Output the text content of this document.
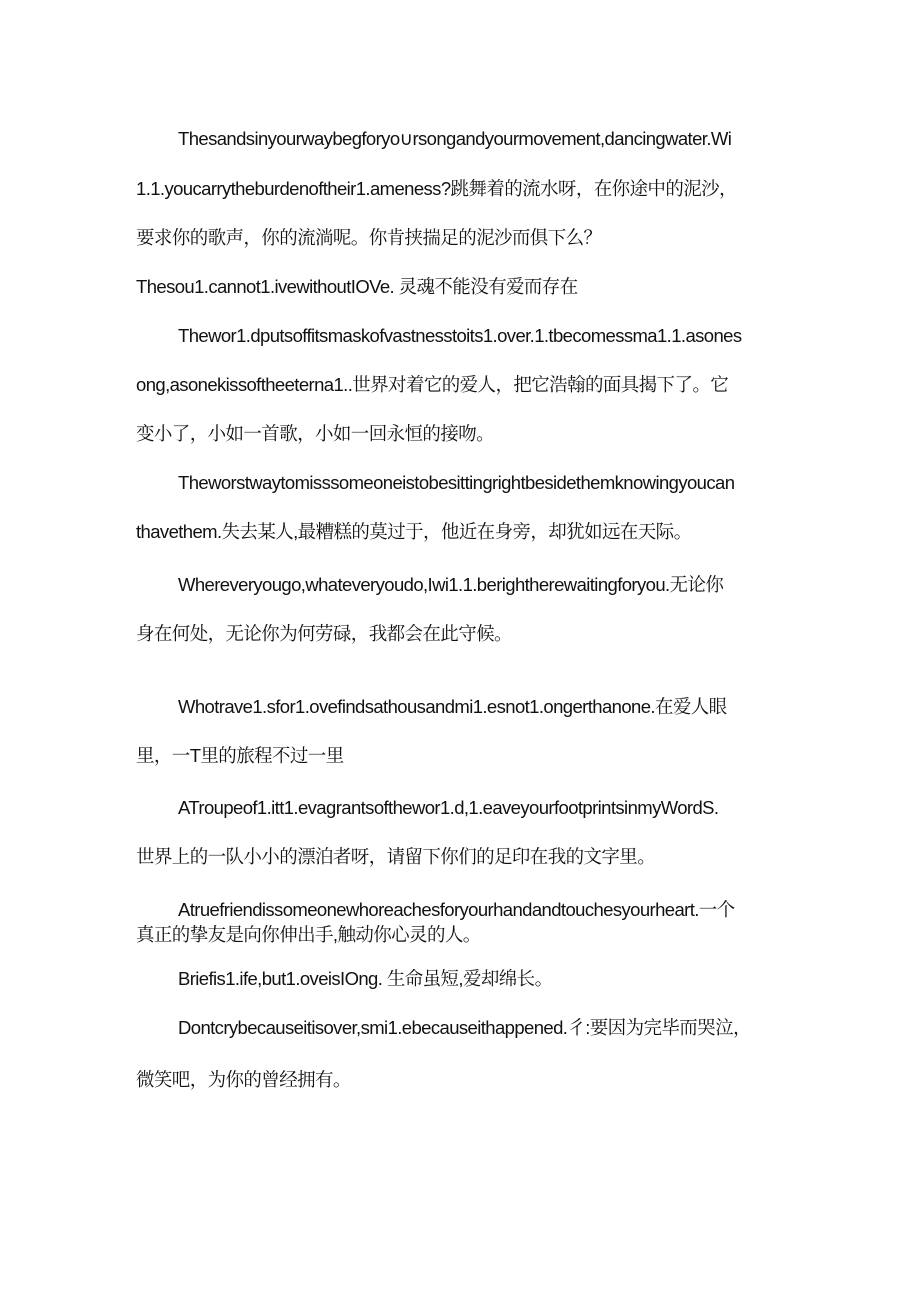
Thesandsinyourwaybegforyo∪rsongandyourmovement,dancingwater.Wi
1.1.youcarrytheburdenoftheir1.ameness?跳舞着的流水呀，在你途中的泥沙，
要求你的歌声，你的流淌呢。你肯挟揣足的泥沙而俱下么？
Thesou1.cannot1.ivewithoutIOVe. 灵魂不能没有爱而存在
Thewor1.dputsoffitsmaskofvastnesstoits1.over.1.tbecomessma1.1.asones
ong,asonekissoftheeterna1..世界对着它的爱人，把它浩翰的面具揭下了。它
变小了，小如一首歌，小如一回永恒的接吻。
Theworstwaytomisssomeoneistobesittingrightbesidethemknowingyoucan
thavethem.失去某人,最糟糕的莫过于，他近在身旁，却犹如远在天际。
Whereveryougo,whateveryoudo,Iwi1.1.berightherewaitingforyou.无论你
身在何处，无论你为何劳碌，我都会在此守候。
Whotrave1.sfor1.ovefindsathousandmi1.esnot1.ongerthanone.在爱人眼
里，一T里的旅程不过一里
ATroupeof1.itt1.evagrantsofthewor1.d,1.eaveyourfootprintsinmyWordS.
世界上的一队小小的漂泊者呀，请留下你们的足印在我的文字里。
Atruefriendissomeonewhoreachesforyourhandandtouchesyourheart.一个
真正的挚友是向你伸出手,触动你心灵的人。
Briefis1.ife,but1.oveisIOng. 生命虽短,爱却绵长。
Dontcrybecauseitisover,smi1.ebecauseithappened.彳:要因为完毕而哭泣，
微笑吧，为你的曾经拥有。
